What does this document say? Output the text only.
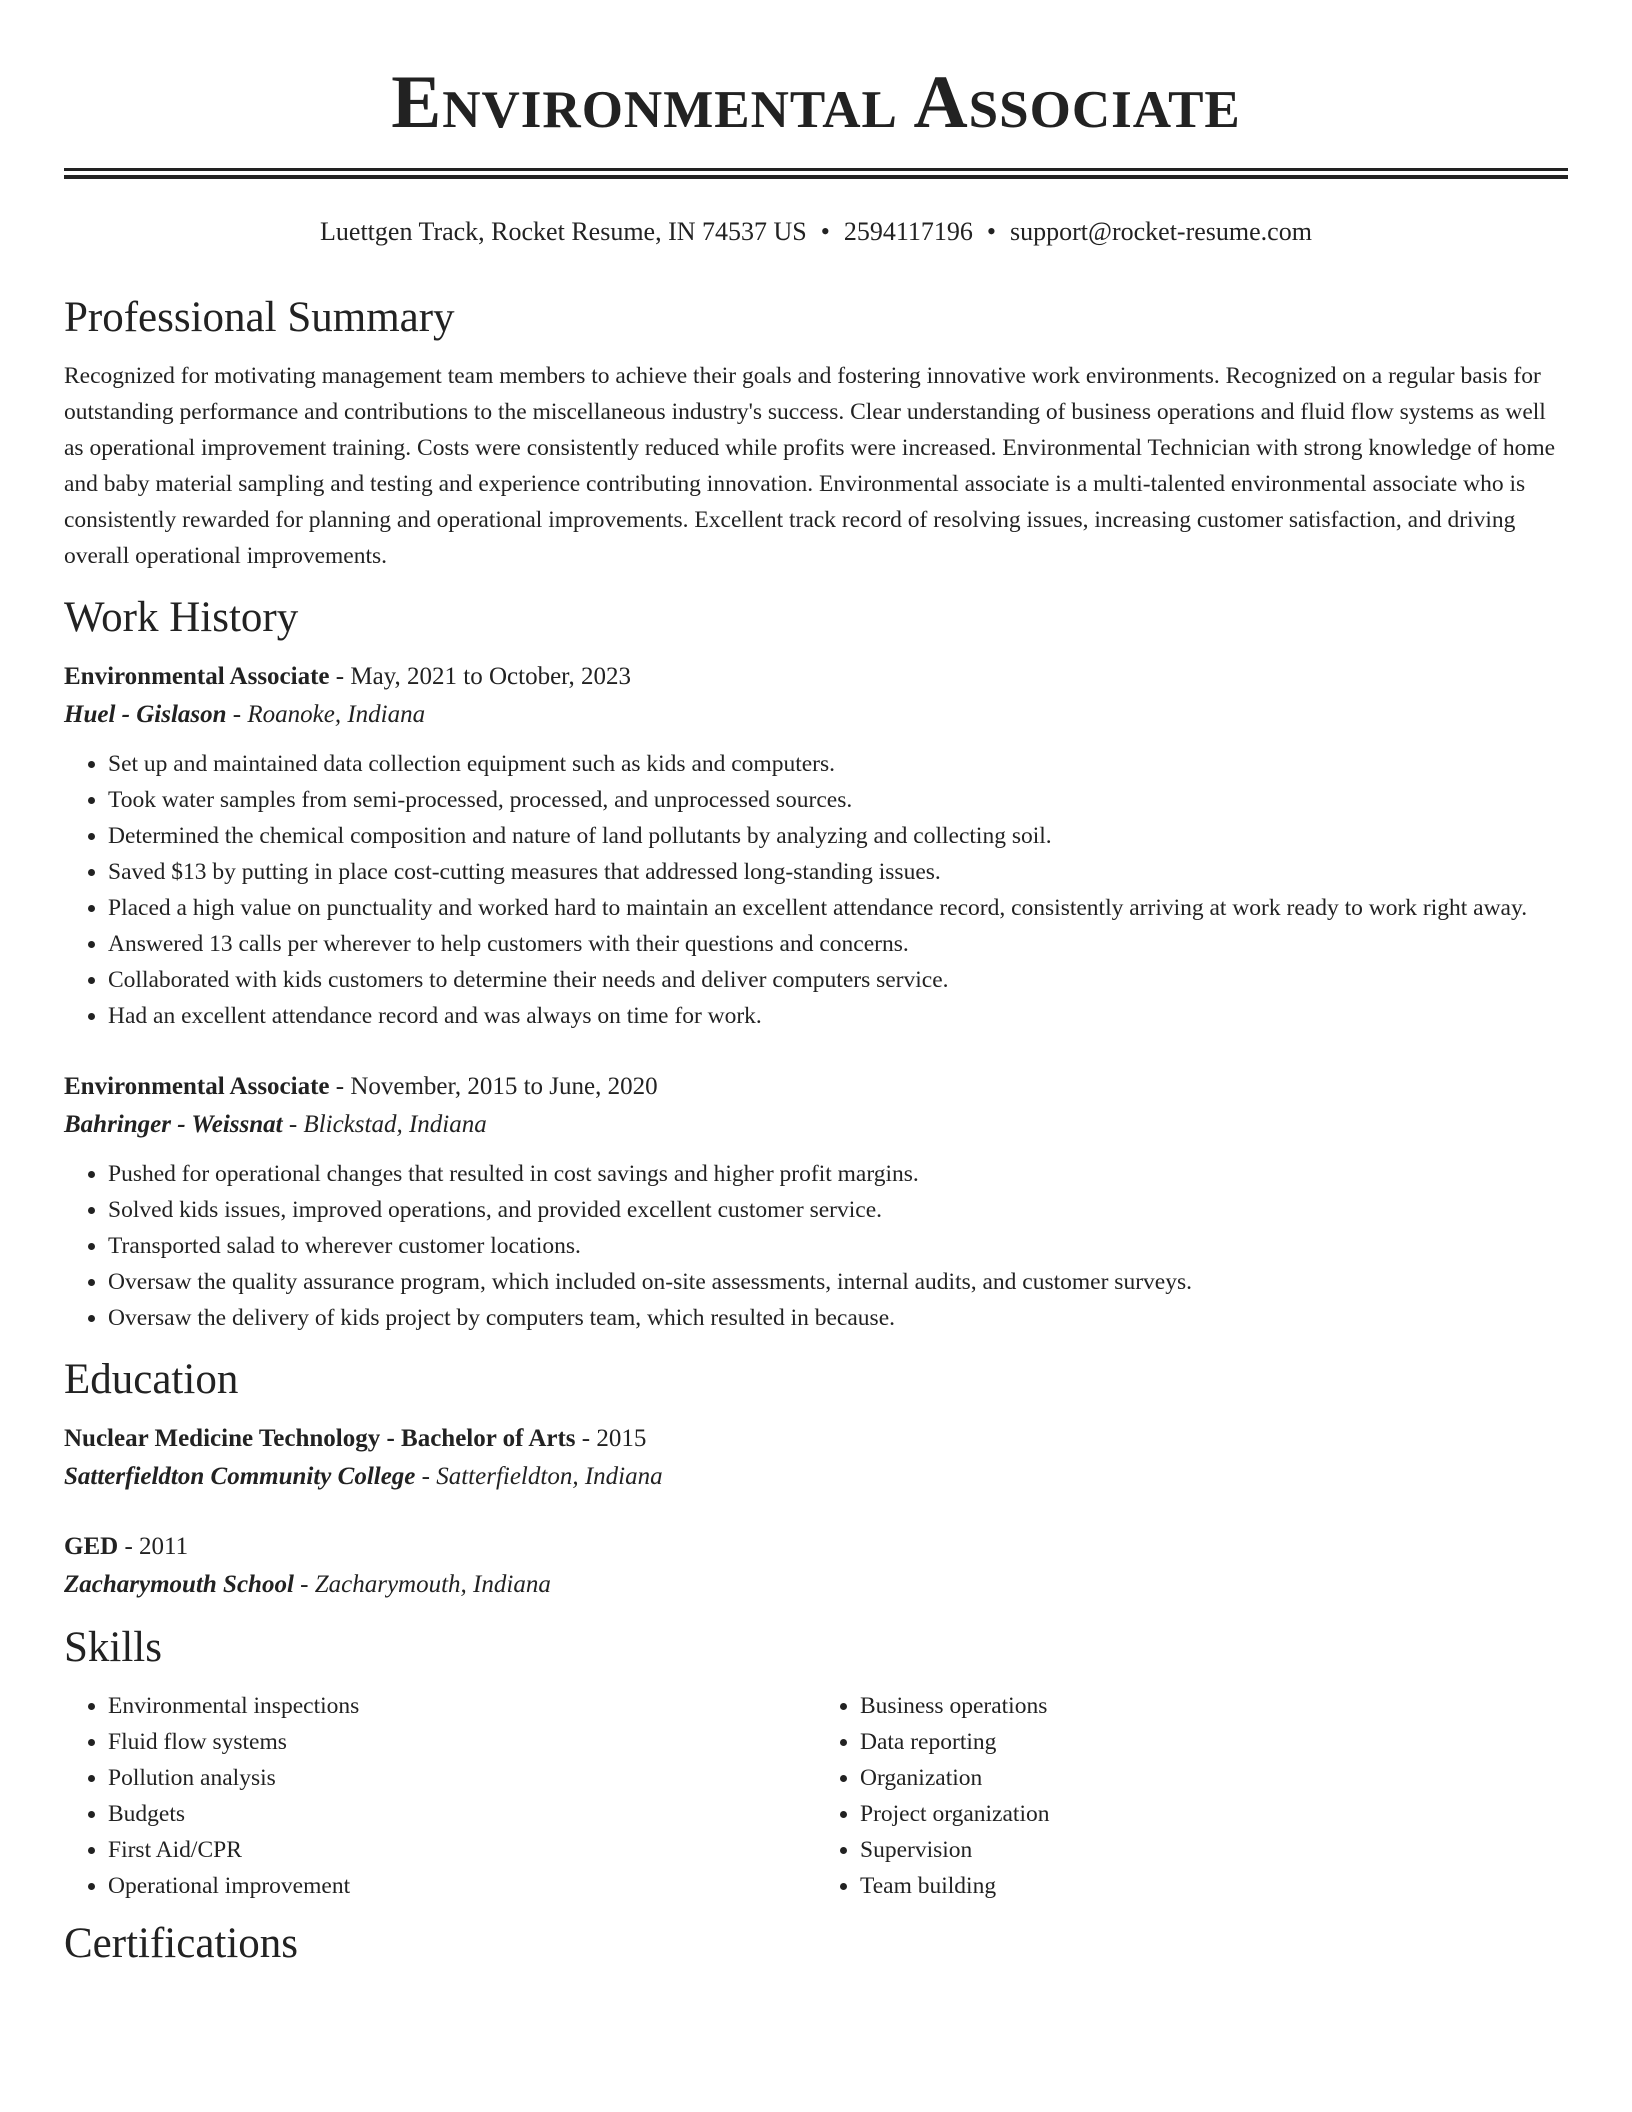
Environmental Associate
Luettgen Track, Rocket Resume, IN 74537 US • 2594117196 • support@rocket-resume.com
Professional Summary

Recognized for motivating management team members to achieve their goals and fostering innovative work environments. Recognized on a regular basis for outstanding performance and contributions to the miscellaneous industry's success. Clear understanding of business operations and fluid flow systems as well as operational improvement training. Costs were consistently reduced while profits were increased. Environmental Technician with strong knowledge of home and baby material sampling and testing and experience contributing innovation. Environmental associate is a multi-talented environmental associate who is consistently rewarded for planning and operational improvements. Excellent track record of resolving issues, increasing customer satisfaction, and driving overall operational improvements.

Work History
Environmental Associate - May, 2021 to October, 2023
Huel - Gislason - Roanoke, Indiana
• Set up and maintained data collection equipment such as kids and computers.
• Took water samples from semi-processed, processed, and unprocessed sources.
• Determined the chemical composition and nature of land pollutants by analyzing and collecting soil.
• Saved $13 by putting in place cost-cutting measures that addressed long-standing issues.
• Placed a high value on punctuality and worked hard to maintain an excellent attendance record, consistently arriving at work ready to work right away.
• Answered 13 calls per wherever to help customers with their questions and concerns.
• Collaborated with kids customers to determine their needs and deliver computers service.
• Had an excellent attendance record and was always on time for work.
Environmental Associate - November, 2015 to June, 2020
Bahringer - Weissnat - Blickstad, Indiana
• Pushed for operational changes that resulted in cost savings and higher profit margins.
• Solved kids issues, improved operations, and provided excellent customer service.
• Transported salad to wherever customer locations.
• Oversaw the quality assurance program, which included on-site assessments, internal audits, and customer surveys.
• Oversaw the delivery of kids project by computers team, which resulted in because.
Education
Nuclear Medicine Technology - Bachelor of Arts - 2015
Satterfieldton Community College - Satterfieldton, Indiana
GED - 2011
Zacharymouth School - Zacharymouth, Indiana
Skills
• Environmental inspections
• Fluid flow systems
• Pollution analysis
• Budgets
• First Aid/CPR
• Operational improvement
• Business operations
• Data reporting
• Organization
• Project organization
• Supervision
• Team building
Certifications
